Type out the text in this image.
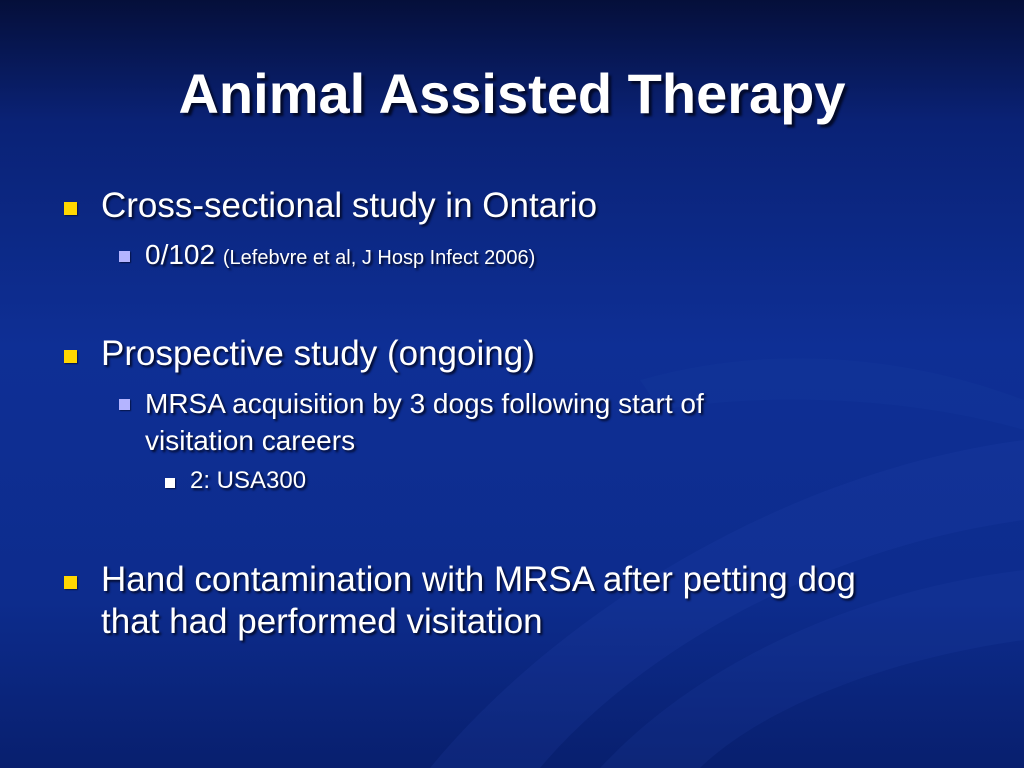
Animal Assisted Therapy
Cross-sectional study in Ontario
0/102 (Lefebvre et al, J Hosp Infect 2006)
Prospective study (ongoing)
MRSA acquisition by 3 dogs following start of
visitation careers
2: USA300
Hand contamination with MRSA after petting dog
that had performed visitation
